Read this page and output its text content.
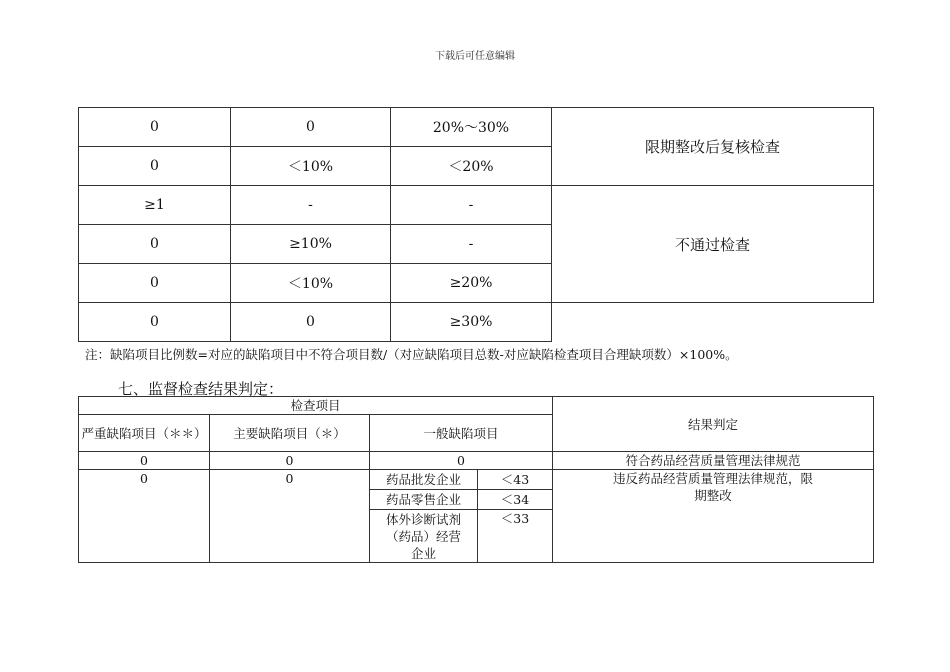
下载后可任意编辑
0	0	20%～30%	限期整改后复核检查
0	＜10%	＜20%	
≥1	-	-	不通过检查
0	≥10%	-	
0	＜10%	≥20%	
0	0	≥30%	
注：缺陷项目比例数=对应的缺陷项目中不符合项目数/（对应缺陷项目总数-对应缺陷检查项目合理缺项数）×100%。
七、监督检查结果判定：
检查项目				结果判定
严重缺陷项目（＊＊）	主要缺陷项目（＊）	一般缺陷项目		
0	0	0		符合药品经营质量管理法律规范
0	0	药品批发企业	＜43	违反药品经营质量管理法律规范，限期整改

		药品零售企业	＜34	
		体外诊断试剂（药品）经营企业	＜33	
